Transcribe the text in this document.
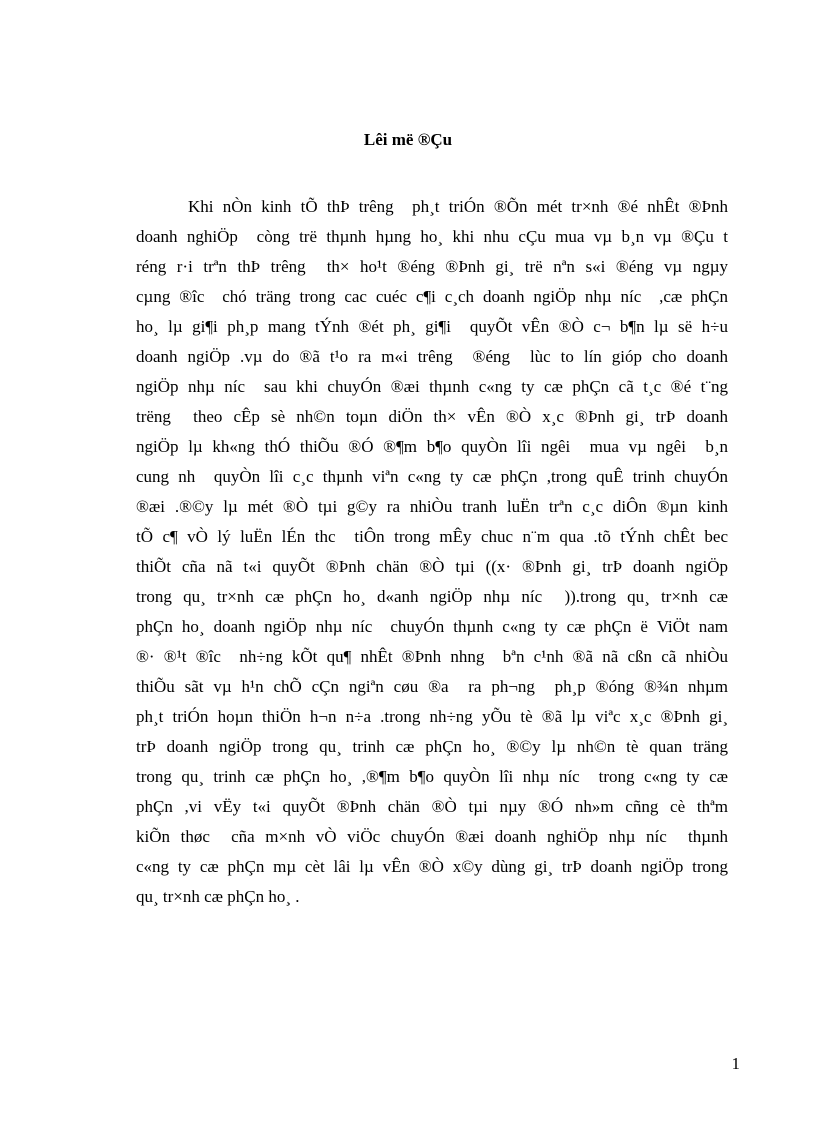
Lêi më ®Çu
Khi nÒn kinh tÕ thÞ trêng  ph¸t triÓn ®Õn mét tr×nh ®é nhÊt ®Þnh
doanh nghiÖp  còng trë thµnh hµng ho¸ khi nhu cÇu mua vµ b¸n vµ ®Çu t
réng r·i trªn thÞ trêng  th× ho¹t ®éng ®Þnh gi¸ trë nªn s«i ®éng vµ ngµy
cµng ®îc  chó träng trong cac cuéc c¶i c¸ch doanh ngiÖp nhµ níc  ,cæ phÇn
ho¸ lµ gi¶i ph¸p mang tÝnh ®ét ph¸ gi¶i  quyÕt vÊn ®Ò c¬ b¶n lµ së h÷u
doanh ngiÖp .vµ do ®ã t¹o ra m«i trêng  ®éng  lùc to lín gióp cho doanh
ngiÖp nhµ níc  sau khi chuyÓn ®æi thµnh c«ng ty cæ phÇn cã t¸c ®é t¨ng
trëng  theo cÊp sè nh©n toµn diÖn th× vÊn ®Ò x¸c ®Þnh gi¸ trÞ doanh
ngiÖp lµ kh«ng thÓ thiÕu ®Ó ®¶m b¶o quyÒn lîi ngêi  mua vµ ngêi  b¸n
cung nh  quyÒn lîi c¸c thµnh viªn c«ng ty cæ phÇn ,trong quÊ trinh chuyÓn
®æi .®©y lµ mét ®Ò tµi g©y ra nhiÒu tranh luËn trªn c¸c diÔn ®µn kinh
tÕ c¶ vÒ lý luËn lÉn thc  tiÔn trong mÊy chuc n¨m qua .tõ tÝnh chÊt bec
thiÕt cña nã t«i quyÕt ®Þnh chän ®Ò tµi ((x· ®Þnh gi¸ trÞ doanh ngiÖp
trong qu¸ tr×nh cæ phÇn ho¸ d«anh ngiÖp nhµ níc  )).trong qu¸ tr×nh cæ
phÇn ho¸ doanh ngiÖp nhµ níc  chuyÓn thµnh c«ng ty cæ phÇn ë ViÖt nam
®· ®¹t ®îc  nh÷ng kÕt qu¶ nhÊt ®Þnh nhng  bªn c¹nh ®ã nã cßn cã nhiÒu
thiÕu sãt vµ h¹n chÕ cÇn ngiªn cøu ®a  ra ph¬ng  ph¸p ®óng ®¾n nhµm
ph¸t triÓn hoµn thiÖn h¬n n÷a .trong nh÷ng yÕu tè ®ã lµ viªc x¸c ®Þnh gi¸
trÞ doanh ngiÖp trong qu¸ trinh cæ phÇn ho¸ ®©y lµ nh©n tè quan träng
trong qu¸ trinh cæ phÇn ho¸ ,®¶m b¶o quyÒn lîi nhµ níc  trong c«ng ty cæ
phÇn ,vi vËy t«i quyÕt ®Þnh chän ®Ò tµi nµy ®Ó nh»m cñng cè thªm
kiÕn thøc  cña m×nh vÒ viÖc chuyÓn ®æi doanh nghiÖp nhµ níc  thµnh
c«ng ty cæ phÇn mµ cèt lâi lµ vÊn ®Ò x©y dùng gi¸ trÞ doanh ngiÖp trong
qu¸ tr×nh cæ phÇn ho¸ .
1
